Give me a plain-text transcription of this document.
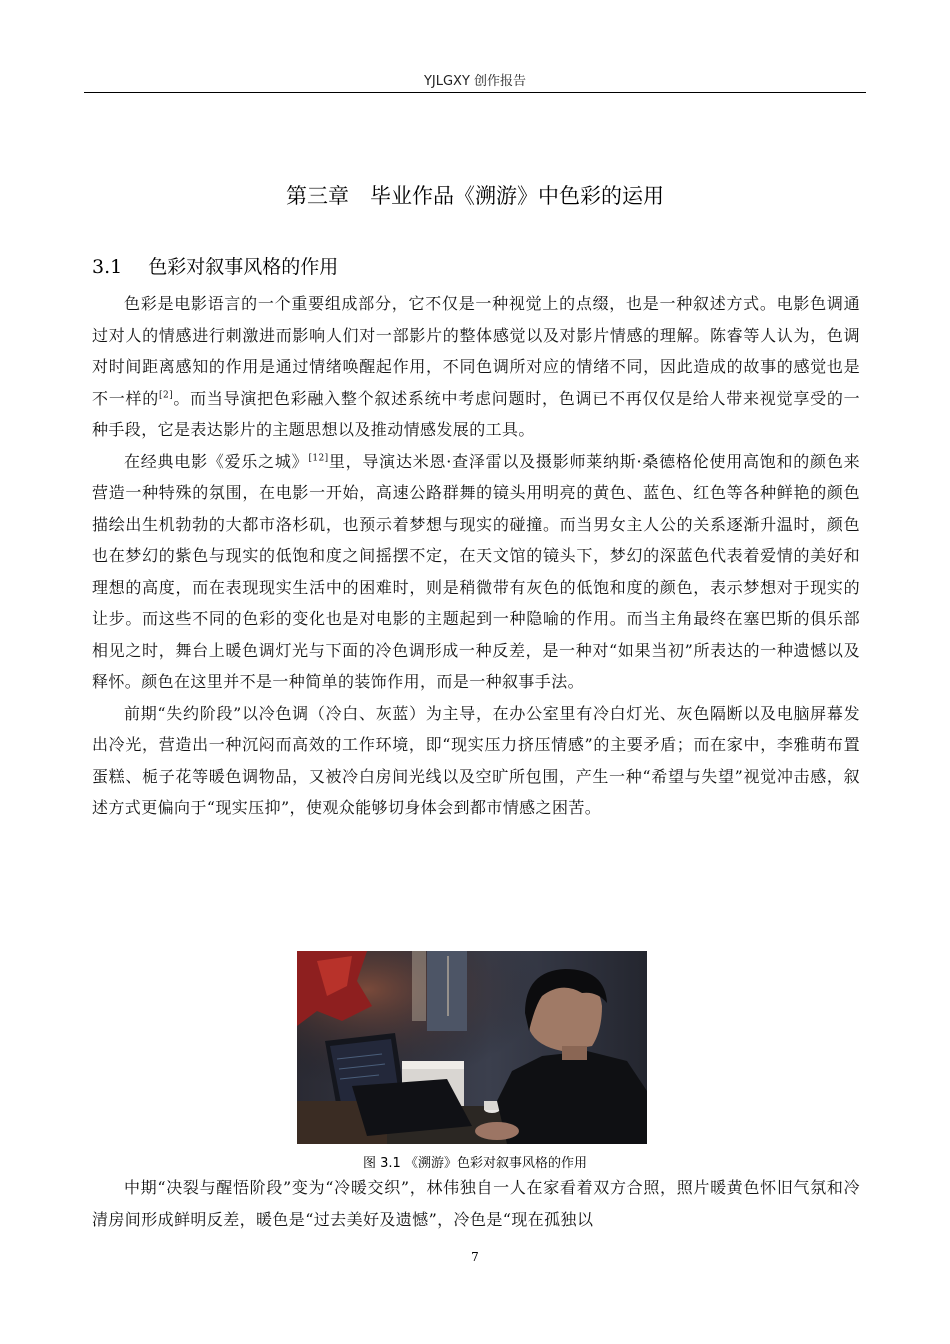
YJLGXY 创作报告
第三章　毕业作品《溯游》中色彩的运用
3.1 色彩对叙事风格的作用

色彩是电影语言的一个重要组成部分，它不仅是一种视觉上的点缀，也是一种叙述方式。电影色调通过对人的情感进行刺激进而影响人们对一部影片的整体感觉以及对影片情感的理解。陈睿等人认为，色调对时间距离感知的作用是通过情绪唤醒起作用，不同色调所对应的情绪不同，因此造成的故事的感觉也是不一样的[2]。而当导演把色彩融入整个叙述系统中考虑问题时，色调已不再仅仅是给人带来视觉享受的一种手段，它是表达影片的主题思想以及推动情感发展的工具。

在经典电影《爱乐之城》[12]里，导演达米恩·查泽雷以及摄影师莱纳斯·桑德格伦使用高饱和的颜色来营造一种特殊的氛围，在电影一开始，高速公路群舞的镜头用明亮的黄色、蓝色、红色等各种鲜艳的颜色描绘出生机勃勃的大都市洛杉矶，也预示着梦想与现实的碰撞。而当男女主人公的关系逐渐升温时，颜色也在梦幻的紫色与现实的低饱和度之间摇摆不定，在天文馆的镜头下，梦幻的深蓝色代表着爱情的美好和理想的高度，而在表现现实生活中的困难时，则是稍微带有灰色的低饱和度的颜色，表示梦想对于现实的让步。而这些不同的色彩的变化也是对电影的主题起到一种隐喻的作用。而当主角最终在塞巴斯的俱乐部相见之时，舞台上暖色调灯光与下面的冷色调形成一种反差，是一种对“如果当初”所表达的一种遗憾以及释怀。颜色在这里并不是一种简单的装饰作用，而是一种叙事手法。

前期“失约阶段”以冷色调（冷白、灰蓝）为主导，在办公室里有冷白灯光、灰色隔断以及电脑屏幕发出冷光，营造出一种沉闷而高效的工作环境，即“现实压力挤压情感”的主要矛盾；而在家中，李雅萌布置蛋糕、栀子花等暖色调物品，又被冷白房间光线以及空旷所包围，产生一种“希望与失望”视觉冲击感，叙述方式更偏向于“现实压抑”，使观众能够切身体会到都市情感之困苦。

图 3.1 《溯游》色彩对叙事风格的作用

中期“决裂与醒悟阶段”变为“冷暖交织”，林伟独自一人在家看着双方合照，照片暖黄色怀旧气氛和冷清房间形成鲜明反差，暖色是“过去美好及遗憾”，冷色是“现在孤独以

7
